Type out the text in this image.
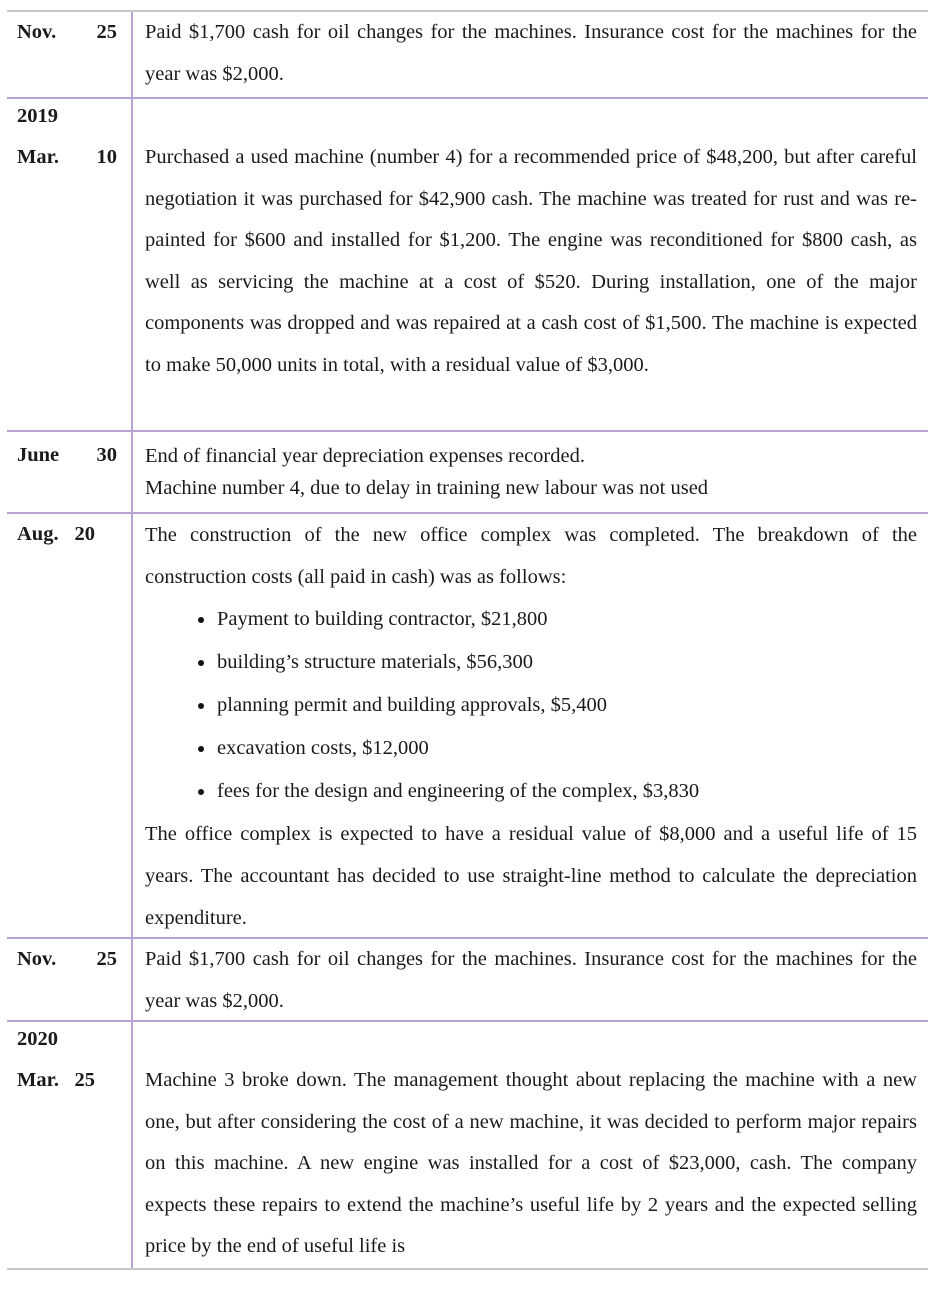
Nov. 25 Paid $1,700 cash for oil changes for the machines. Insurance cost for the machines for the year was $2,000.

2019
Mar. 10 Purchased a used machine (number 4) for a recommended price of $48,200, but after careful negotiation it was purchased for $42,900 cash. The machine was treated for rust and was re-painted for $600 and installed for $1,200. The engine was reconditioned for $800 cash, as well as servicing the machine at a cost of $520. During installation, one of the major components was dropped and was repaired at a cash cost of $1,500. The machine is expected to make 50,000 units in total, with a residual value of $3,000.

June 30 End of financial year depreciation expenses recorded.

Machine number 4, due to delay in training new labour was not used

Aug. 20 The construction of the new office complex was completed. The breakdown of the construction costs (all paid in cash) was as follows:

Payment to building contractor, $21,800
building’s structure materials, $56,300
planning permit and building approvals, $5,400
excavation costs, $12,000
fees for the design and engineering of the complex, $3,830

The office complex is expected to have a residual value of $8,000 and a useful life of 15 years. The accountant has decided to use straight-line method to calculate the depreciation expenditure.

Nov. 25 Paid $1,700 cash for oil changes for the machines. Insurance cost for the machines for the year was $2,000.

2020
Mar. 25 Machine 3 broke down. The management thought about replacing the machine with a new one, but after considering the cost of a new machine, it was decided to perform major repairs on this machine. A new engine was installed for a cost of $23,000, cash. The company expects these repairs to extend the machine’s useful life by 2 years and the expected selling price by the end of useful life is
